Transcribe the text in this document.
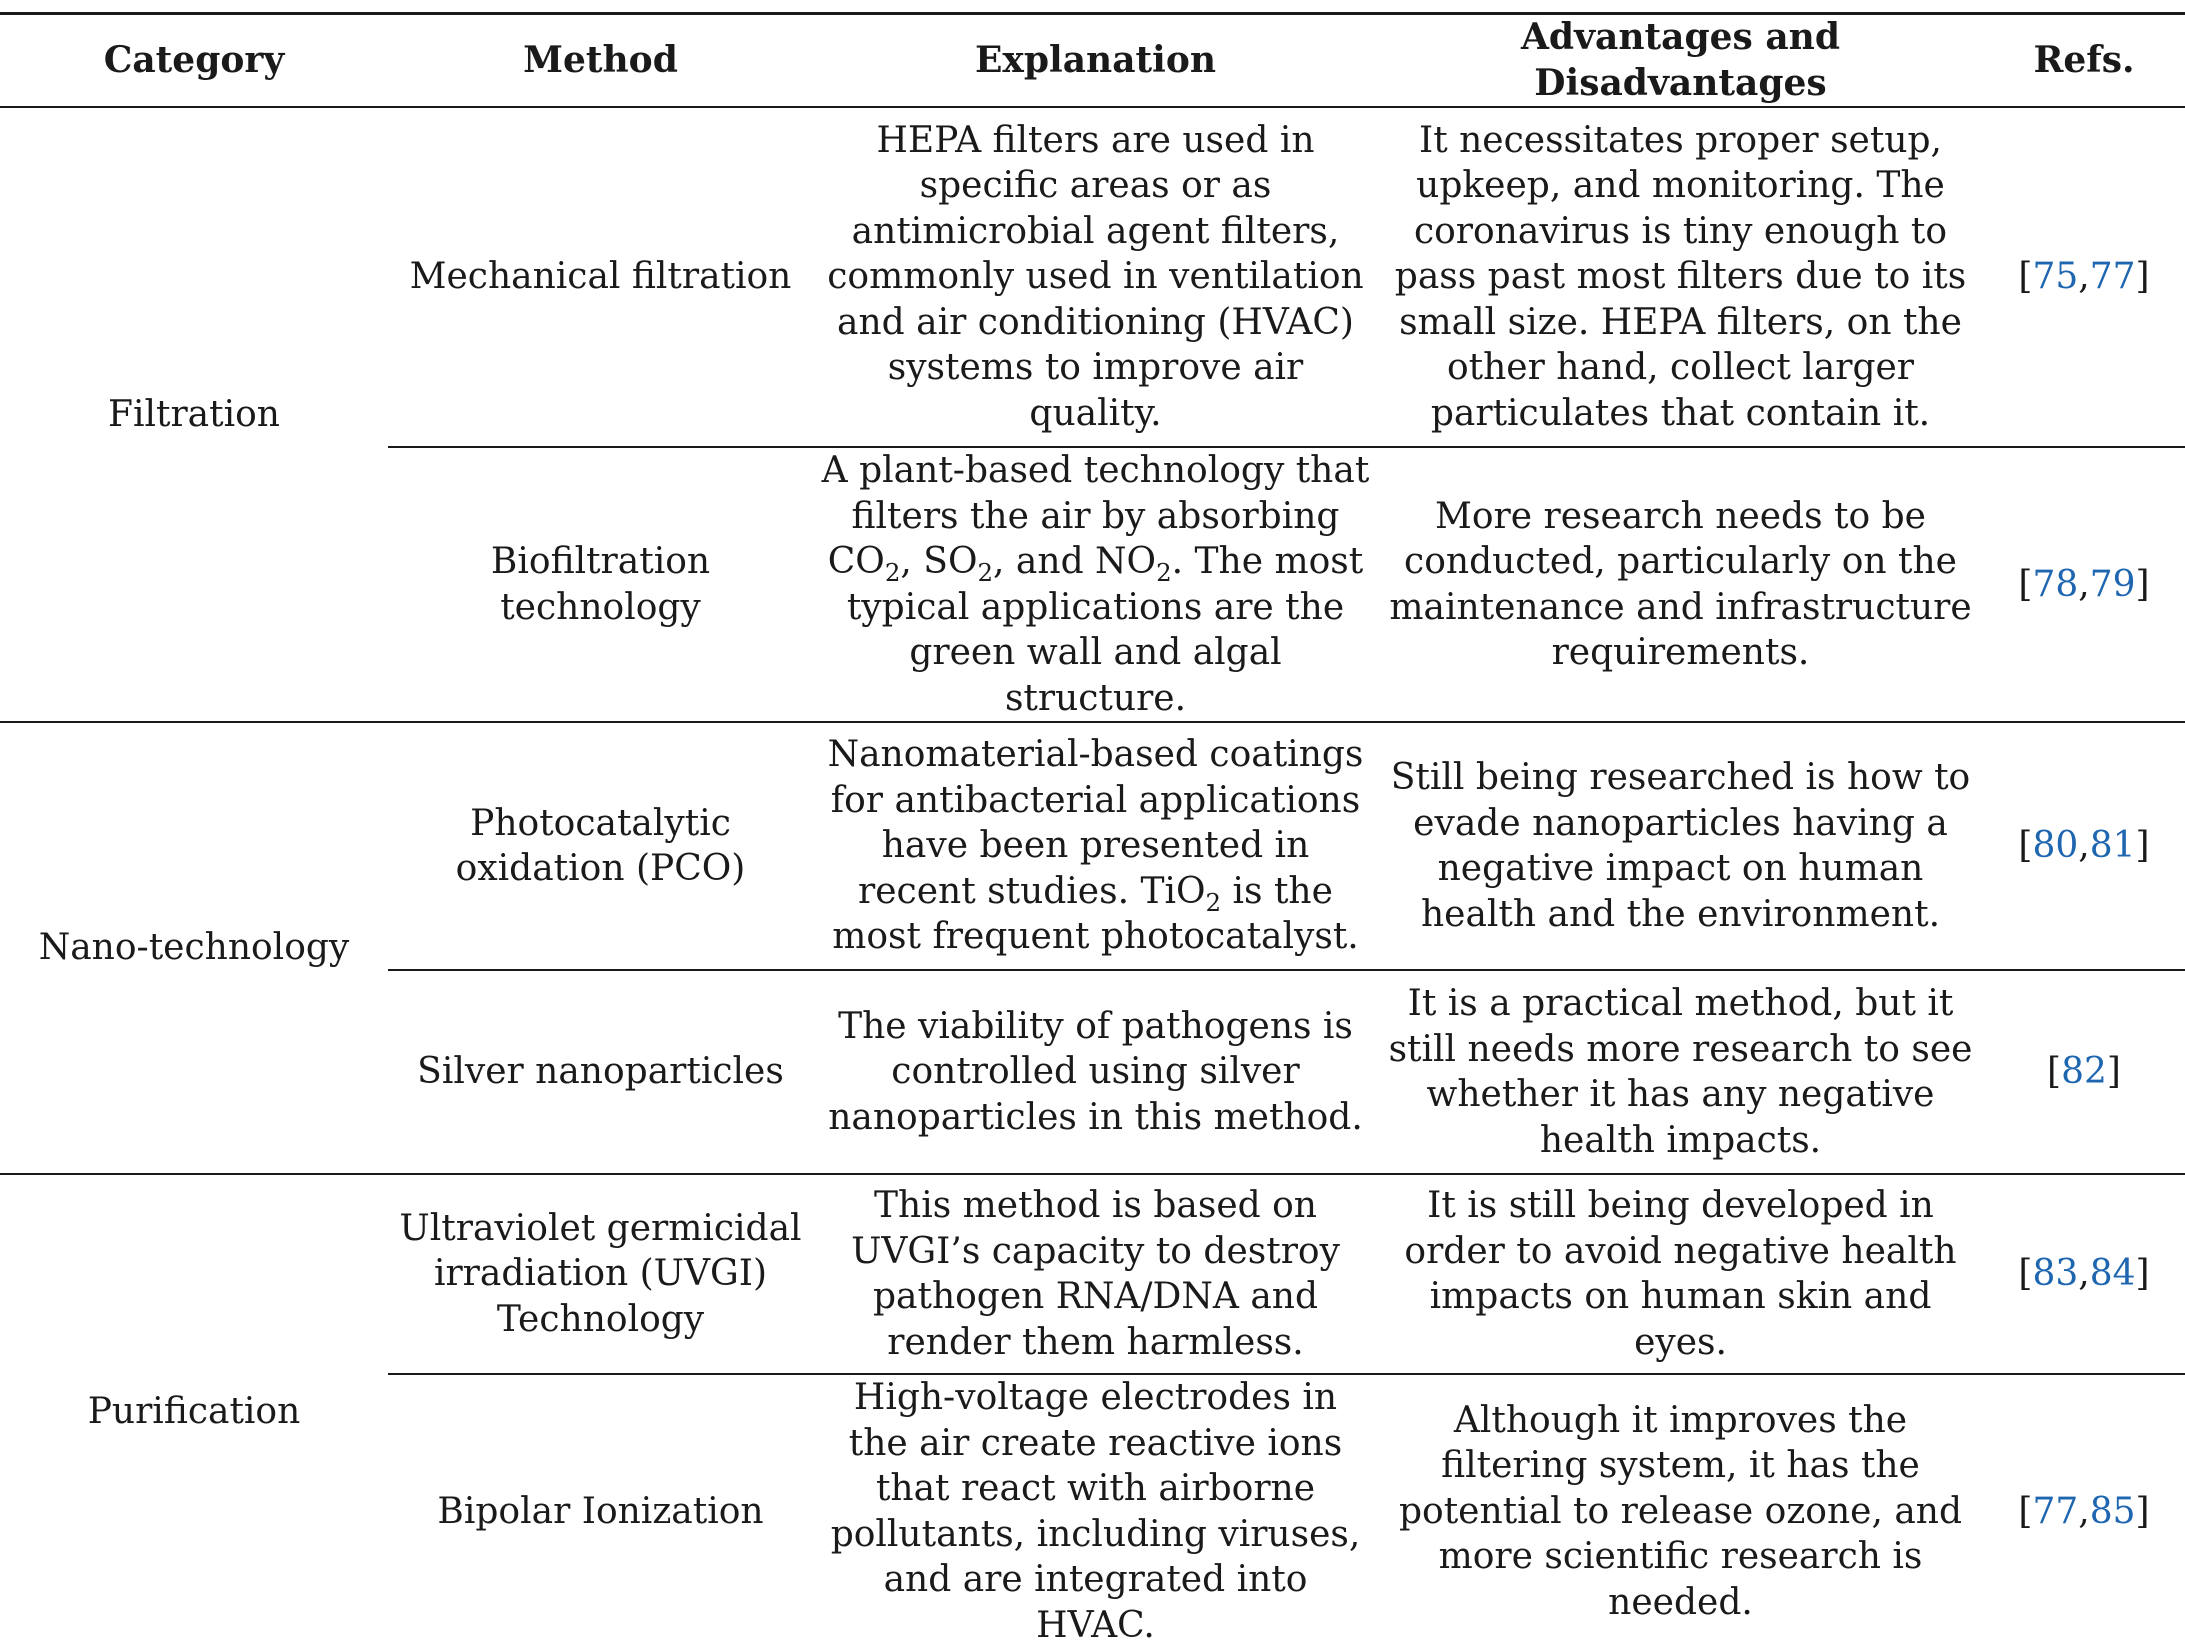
Category	Method	Explanation	Advantages and Disadvantages	Refs.
Filtration	Mechanical filtration	HEPA filters are used in specific areas or as antimicrobial agent filters, commonly used in ventilation and air conditioning (HVAC) systems to improve air quality.	It necessitates proper setup, upkeep, and monitoring. The coronavirus is tiny enough to pass past most filters due to its small size. HEPA filters, on the other hand, collect larger particulates that contain it.	[75,77]
	Biofiltration technology	A plant-based technology that filters the air by absorbing $CO_2$, $SO_2$, and $NO_2$. The most typical applications are the green wall and algal structure.	More research needs to be conducted, particularly on the maintenance and infrastructure requirements.	[78,79]
Nano-technology	Photocatalytic oxidation (PCO)	Nanomaterial-based coatings for antibacterial applications have been presented in recent studies. TiO$_2$ is the most frequent photocatalyst.	Still being researched is how to evade nanoparticles having a negative impact on human health and the environment.	[80,81]
	Silver nanoparticles	The viability of pathogens is controlled using silver nanoparticles in this method.	It is a practical method, but it still needs more research to see whether it has any negative health impacts.	[82]
Purification	Ultraviolet germicidal irradiation (UVGI) Technology	This method is based on UVGI’s capacity to destroy pathogen RNA/DNA and render them harmless.	It is still being developed in order to avoid negative health impacts on human skin and eyes.	[83,84]
	Bipolar Ionization	High-voltage electrodes in the air create reactive ions that react with airborne pollutants, including viruses, and are integrated into HVAC.	Although it improves the filtering system, it has the potential to release ozone, and more scientific research is needed.	[77,85]
